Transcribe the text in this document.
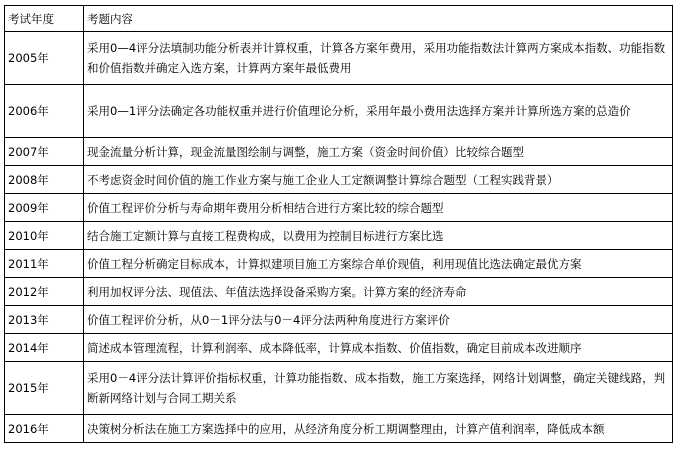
考试年度	考题内容
2005年	采用0—4评分法填制功能分析表并计算权重，计算各方案年费用，采用功能指数法计算两方案成本指数、功能指数和价值指数并确定入选方案，计算两方案年最低费用
2006年	采用0—1评分法确定各功能权重并进行价值理论分析，采用年最小费用法选择方案并计算所选方案的总造价
2007年	现金流量分析计算，现金流量图绘制与调整，施工方案（资金时间价值）比较综合题型
2008年	不考虑资金时间价值的施工作业方案与施工企业人工定额调整计算综合题型（工程实践背景）
2009年	价值工程评价分析与寿命期年费用分析相结合进行方案比较的综合题型
2010年	结合施工定额计算与直接工程费构成，以费用为控制目标进行方案比选
2011年	价值工程分析确定目标成本，计算拟建项目施工方案综合单价现值，利用现值比选法确定最优方案
2012年	利用加权评分法、现值法、年值法选择设备采购方案。计算方案的经济寿命
2013年	价值工程评价分析，从0－1评分法与0－4评分法两种角度进行方案评价
2014年	简述成本管理流程，计算利润率、成本降低率，计算成本指数、价值指数，确定目前成本改进顺序
2015年	采用0－4评分法计算评价指标权重，计算功能指数、成本指数，施工方案选择，网络计划调整，确定关键线路，判断新网络计划与合同工期关系
2016年	决策树分析法在施工方案选择中的应用，从经济角度分析工期调整理由，计算产值利润率，降低成本额
